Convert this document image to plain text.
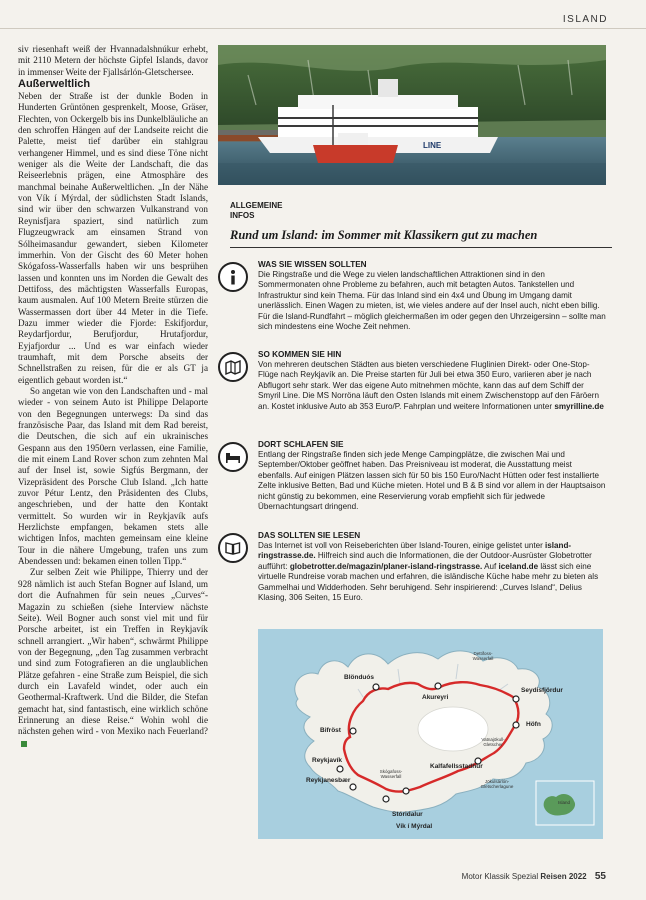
ISLAND

siv riesenhaft weiß der Hvannadalshnúkur erhebt, mit 2110 Metern der höchste Gipfel Islands, davor in immenser Weite der Fjallsárlón-Gletschersee.

Außerweltlich

Neben der Straße ist der dunkle Boden in Hunderten Grüntönen gesprenkelt, Moose, Gräser, Flechten, von Ockergelb bis ins Dunkelbläuliche an den schroffen Hängen auf der Landseite reicht die Palette, meist tief darüber ein stahlgrau verhangener Himmel, und es sind diese Töne nicht weniger als die Weite der Landschaft, die das Reiseerlebnis prägen, eine Atmosphäre des manchmal beinahe Außerweltlichen. „In der Nähe von Vík í Mýrdal, der südlichsten Stadt Islands, sind wir über den schwarzen Vulkanstrand von Reynisfjara spaziert, sind natürlich zum Flugzeugwrack am einsamen Strand von Sólheimasandur gewandert, sieben Kilometer immerhin. Von der Gischt des 60 Meter hohen Skógafoss-Wasserfalls haben wir uns besprühen lassen und konnten uns im Norden die Gewalt des Dettifoss, des mächtigsten Wasserfalls Europas, kaum ausmalen. Auf 100 Metern Breite stürzen die Wassermassen dort über 44 Meter in die Tiefe. Dazu immer wieder die Fjorde: Eskifjordur, Reydarfjordur, Berufjordur, Hrutafjordur, Eyjafjordur ... Und es war einfach wieder traumhaft, mit dem Porsche abseits der Schnellstraßen zu reisen, für die er als GT ja eigentlich gebaut worden ist.“

So angetan wie von den Landschaften und - mal wieder - von seinem Auto ist Philippe Delaporte von den Begegnungen unterwegs: Da sind das französische Paar, das Island mit dem Rad bereist, die Deutschen, die sich auf ein ukrainisches Gespann aus den 1950ern verlassen, eine Familie, die mit einem Land Rover schon zum zehnten Mal auf der Insel ist, sowie Sigfús Bergmann, der Vizepräsident des Porsche Club Island. „Ich hatte zuvor Pétur Lentz, den Präsidenten des Clubs, angeschrieben, und der hatte den Kontakt vermittelt. So wurden wir in Reykjavík aufs Herzlichste empfangen, bekamen stets alle wichtigen Infos, machten gemeinsam eine kleine Tour in die nähere Umgebung, trafen uns zum Abendessen und: bekamen einen tollen Tipp.“

Zur selben Zeit wie Philippe, Thierry und der 928 nämlich ist auch Stefan Bogner auf Island, um dort die Aufnahmen für sein neues „Curves“-Magazin zu schießen (siehe Interview nächste Seite). Weil Bogner auch sonst viel mit und für Porsche arbeitet, ist ein Treffen in Reykjavík schnell arrangiert. „Wir haben“, schwärmt Philippe von der Begegnung, „den Tag zusammen verbracht und sind zum Fotografieren an die unglaublichen Plätze gefahren - eine Straße zum Beispiel, die sich durch ein Lavafeld windet, oder auch ein Geothermal-Kraftwerk. Und die Bilder, die Stefan gemacht hat, sind fantastisch, eine wirklich schöne Erinnerung an diese Reise.“ Wohin wohl die nächsten gehen wird - von Mexiko nach Feuerland?

LINE
ALLGEMEINE
INFOS
Rund um Island: im Sommer mit Klassikern gut zu machen
WAS SIE WISSEN SOLLTEN

Die Ringstraße und die Wege zu vielen landschaftlichen Attraktionen sind in den Sommermonaten ohne Probleme zu befahren, auch mit betagten Autos. Tankstellen und Infrastruktur sind kein Thema. Für das Inland sind ein 4x4 und Übung im Umgang damit unerlässlich. Einen Wagen zu mieten, ist, wie vieles andere auf der Insel auch, nicht eben billig. Für die Island-Rundfahrt – möglich gleichermaßen im oder gegen den Uhrzeigersinn – sollte man sich mindestens eine Woche Zeit nehmen.

SO KOMMEN SIE HIN

Von mehreren deutschen Städten aus bieten verschiedene Fluglinien Direkt- oder One-Stop-Flüge nach Reykjavík an. Die Preise starten für Juli bei etwa 350 Euro, variieren aber je nach Abflugort sehr stark. Wer das eigene Auto mitnehmen möchte, kann das auf dem Schiff der Smyril Line. Die MS Norröna läuft den Osten Islands mit einem Zwischenstopp auf den Färöern an. Kostet inklusive Auto ab 353 Euro/P. Fahrplan und weitere Informationen unter smyrilline.de

DORT SCHLAFEN SIE

Entlang der Ringstraße finden sich jede Menge Campingplätze, die zwischen Mai und September/Oktober geöffnet haben. Das Preisniveau ist moderat, die Ausstattung meist ebenfalls. Auf einigen Plätzen lassen sich für 50 bis 150 Euro/Nacht Hütten oder fest installierte Zelte inklusive Betten, Bad und Küche mieten. Hotel und B & B sind vor allem in der Hauptsaison nicht günstig zu bekommen, eine Reservierung vorab empfiehlt sich für jedwede Übernachtungsart dringend.

DAS SOLLTEN SIE LESEN

Das Internet ist voll von Reiseberichten über Island-Touren, einige gelistet unter island-ringstrasse.de. Hilfreich sind auch die Informationen, die der Outdoor-Ausrüster Globetrotter aufführt: globetrotter.de/magazin/planer-island-ringstrasse. Auf iceland.de lässt sich eine virtuelle Rundreise vorab machen und erfahren, die isländische Küche habe mehr zu bieten als Gammelhai und Widderhoden. Sehr beruhigend. Sehr inspirierend: „Curves Island“, Delius Klasing, 306 Seiten, 15 Euro.

Dettifoss-Wasserfall
Blönduós
Akureyri
Seydisfjördur
Bifröst
Vatnajökull-Gletscher
Kalfafellsstadhur
Höfn
Reykjavík
Reykjanesbær
Skógafoss-Wasserfall
Jökulsárlón-Gletscherlagune
Stóridalur
Vík í Mýrdal
Island
Motor Klassik Spezial Reisen 2022 55
